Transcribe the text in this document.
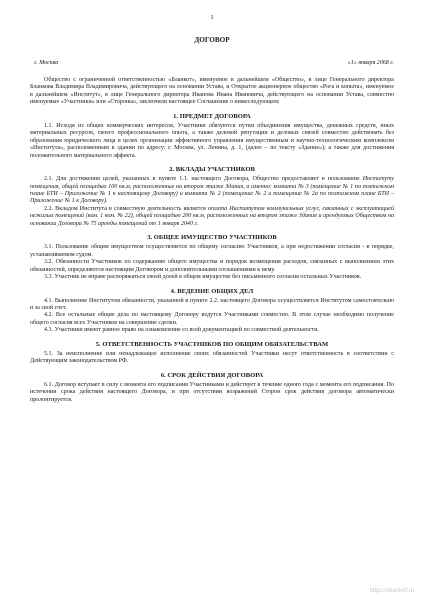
1
ДОГОВОР
г. Москва	«1» января 2068 г.

Общество с ограниченной ответственностью «Бланкот», именуемое в дальнейшем «Общество», в лице Генерального директора Бланкова Владимира Владимировича, действующего на основании Устава, и Открытое акционерное общество «Рога и копыта», именуемое в дальнейшем «Институт», в лице Генерального директора Иванова Ивана Ивановича, действующего на основании Устава, совместно именуемые «Участники» или «Стороны», заключили настоящее Соглашение о нижеследующем:

1. ПРЕДМЕТ ДОГОВОРА

1.1. Исходя из общих коммерческих интересов, Участники обязуются путем объединения имущества, денежных средств, иных материальных ресурсов, своего профессионального опыта, а также деловой репутации и деловых связей совместно действовать без образования юридического лица в целях организации эффективного управления имущественным и научно-технологическим комплексом «Института», расположенным в здании по адресу: г. Москва, ул. Ленина, д. 1, (далее – по тексту «Здание»); а также для достижения положительного материального эффекта.

2. ВКЛАДЫ УЧАСТНИКОВ

2.1. Для достижения целей, указанных в пункте 1.1. настоящего Договора, Общество предоставляет в пользование Институту помещения, общей площадью 100 кв.м, расположенные на втором этаже Здания, а именно: комната № 3 (помещение № 1 по поэтажном плане БТИ – Приложение № 1 к настоящему Договору) и комната № 2 (помещение № 2 и помещение № 2а по поэтажном плане БТИ – Приложение № 1 к Договору).

2.2. Вкладом Института в совместную деятельность является оплата Институтом коммунальных услуг, связанных с эксплуатацией нежилых помещений (ком. 1 ком. № 22), общей площадью 200 кв.м, расположенных на втором этаже Здания и арендуемых Обществом на основании Договора № 75 аренды помещений от 1 января 2040 г.

3. ОБЩЕЕ ИМУЩЕСТВО УЧАСТНИКОВ

3.1. Пользование общим имуществом осуществляется по общему согласию Участников, а при недостижении согласия - в порядке, устанавливаемом судом.

3.2. Обязанности Участников по содержанию общего имущества и порядок возмещения расходов, связанных с выполнением этих обязанностей, определяются настоящим Договором и дополнительными соглашениями к нему.

3.3. Участник не вправе распоряжаться своей долей в общем имуществе без письменного согласия остальных Участников.

4. ВЕДЕНИЕ ОБЩИХ ДЕЛ

4.1. Выполнение Институтом обязанности, указанной в пункте 2.2. настоящего Договора осуществляется Институтом самостоятельно и за свой счет.

4.2. Все остальные общие дела по настоящему Договору ведутся Участниками совместно. В этом случае необходимо получение общего согласия всех Участников на совершение сделки.

4.3. Участники имеют равное право на ознакомление со всей документацией по совместной деятельности.

5. ОТВЕТСТВЕННОСТЬ УЧАСТНИКОВ ПО ОБЩИМ ОБЯЗАТЕЛЬСТВАМ

5.1. За неисполнение или ненадлежащее исполнение своих обязанностей Участники несут ответственность в соответствии с Действующим законодательством РФ.

6. СРОК ДЕЙСТВИЯ ДОГОВОРА

6.1. Договор вступает в силу с момента его подписания Участниками и действует в течение одного года с момента его подписания. По истечении срока действия настоящего Договора, и при отсутствии возражений Сторон срок действия договора автоматически пролонгируется.

https://blankof.ru
